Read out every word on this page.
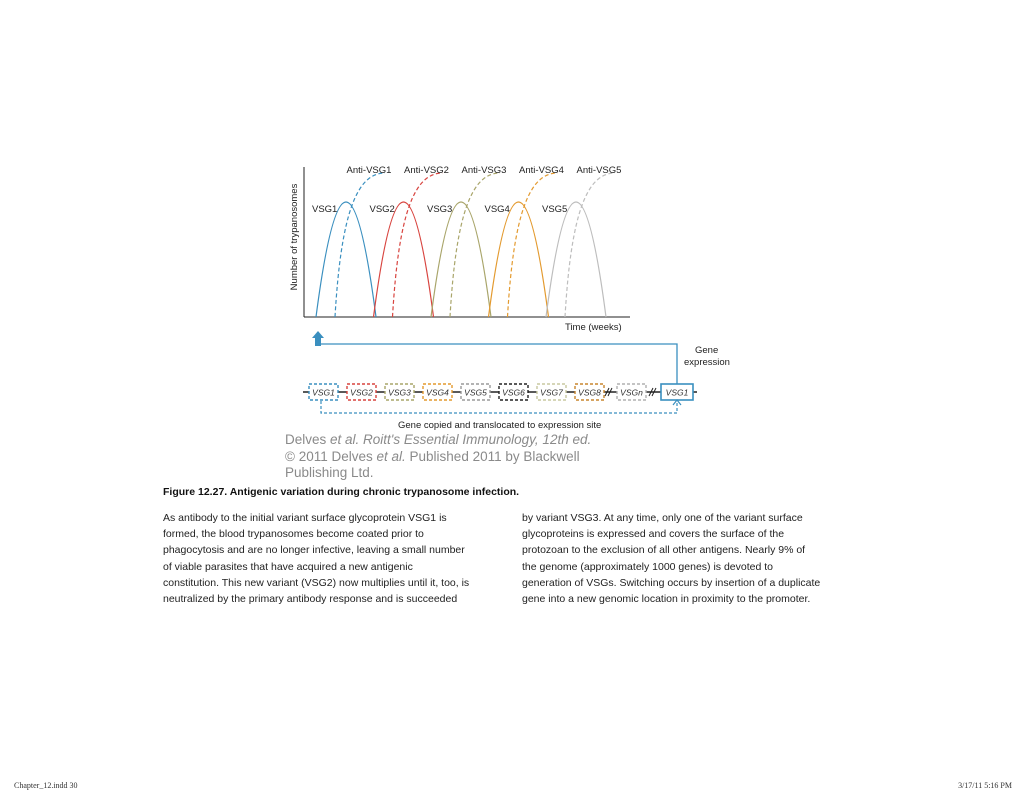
Number of trypanosomes
Time (weeks)
VSG1
Anti-VSG1
VSG2
Anti-VSG2
VSG3
Anti-VSG3
VSG4
Anti-VSG4
VSG5
Anti-VSG5
Gene
expression
VSG1 VSG2 VSG3 VSG4 VSG5 VSG6 VSG7 VSG8 VSGn	VSG1
Gene copied and translocated to expression site
Delves et al. Roitt's Essential Immunology, 12th ed.
© 2011 Delves et al. Published 2011 by Blackwell
Publishing Ltd.
Figure 12.27. Antigenic variation during chronic trypanosome infection.
As antibody to the initial variant surface glycoprotein VSG1 is
formed, the blood trypanosomes become coated prior to
phagocytosis and are no longer infective, leaving a small number
of viable parasites that have acquired a new antigenic
constitution. This new variant (VSG2) now multiplies until it, too, is
neutralized by the primary antibody response and is succeeded
by variant VSG3. At any time, only one of the variant surface
glycoproteins is expressed and covers the surface of the
protozoan to the exclusion of all other antigens. Nearly 9% of
the genome (approximately 1000 genes) is devoted to
generation of VSGs. Switching occurs by insertion of a duplicate
gene into a new genomic location in proximity to the promoter.
Chapter_12.indd 30	3/17/11 5:16 PM
